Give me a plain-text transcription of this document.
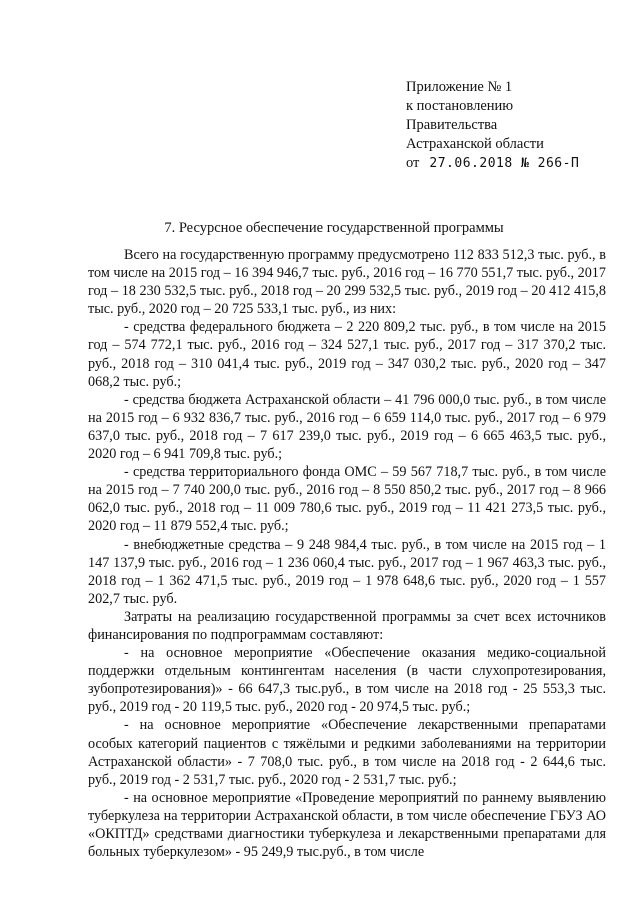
Приложение № 1
к постановлению
Правительства
Астраханской области
от 27.06.2018 № 266-П
7. Ресурсное обеспечение государственной программы

Всего на государственную программу предусмотрено 112 833 512,3 тыс. руб., в том числе на 2015 год – 16 394 946,7 тыс. руб., 2016 год – 16 770 551,7 тыс. руб., 2017 год – 18 230 532,5 тыс. руб., 2018 год – 20 299 532,5 тыс. руб., 2019 год – 20 412 415,8 тыс. руб., 2020 год – 20 725 533,1 тыс. руб., из них:

- средства федерального бюджета – 2 220 809,2 тыс. руб., в том числе на 2015 год – 574 772,1 тыс. руб., 2016 год – 324 527,1 тыс. руб., 2017 год – 317 370,2 тыс. руб., 2018 год – 310 041,4 тыс. руб., 2019 год – 347 030,2 тыс. руб., 2020 год – 347 068,2 тыс. руб.;

- средства бюджета Астраханской области – 41 796 000,0 тыс. руб., в том числе на 2015 год – 6 932 836,7 тыс. руб., 2016 год – 6 659 114,0 тыс. руб., 2017 год – 6 979 637,0 тыс. руб., 2018 год – 7 617 239,0 тыс. руб., 2019 год – 6 665 463,5 тыс. руб., 2020 год – 6 941 709,8 тыс. руб.;

- средства территориального фонда ОМС – 59 567 718,7 тыс. руб., в том числе на 2015 год – 7 740 200,0 тыс. руб., 2016 год – 8 550 850,2 тыс. руб., 2017 год – 8 966 062,0 тыс. руб., 2018 год – 11 009 780,6 тыс. руб., 2019 год – 11 421 273,5 тыс. руб., 2020 год – 11 879 552,4 тыс. руб.;

- внебюджетные средства – 9 248 984,4 тыс. руб., в том числе на 2015 год – 1 147 137,9 тыс. руб., 2016 год – 1 236 060,4 тыс. руб., 2017 год – 1 967 463,3 тыс. руб., 2018 год – 1 362 471,5 тыс. руб., 2019 год – 1 978 648,6 тыс. руб., 2020 год – 1 557 202,7 тыс. руб.

Затраты на реализацию государственной программы за счет всех источников финансирования по подпрограммам составляют:

- на основное мероприятие «Обеспечение оказания медико-социальной поддержки отдельным контингентам населения (в части слухопротезирования, зубопротезирования)» - 66 647,3 тыс.руб., в том числе на 2018 год - 25 553,3 тыс. руб., 2019 год - 20 119,5 тыс. руб., 2020 год - 20 974,5 тыс. руб.;

- на основное мероприятие «Обеспечение лекарственными препаратами особых категорий пациентов с тяжёлыми и редкими заболеваниями на территории Астраханской области» - 7 708,0 тыс. руб., в том числе на 2018 год - 2 644,6 тыс. руб., 2019 год - 2 531,7 тыс. руб., 2020 год - 2 531,7 тыс. руб.;

- на основное мероприятие «Проведение мероприятий по раннему выявлению туберкулеза на территории Астраханской области, в том числе обеспечение ГБУЗ АО «ОКПТД» средствами диагностики туберкулеза и лекарственными препаратами для больных туберкулезом» - 95 249,9 тыс.руб., в том числе
